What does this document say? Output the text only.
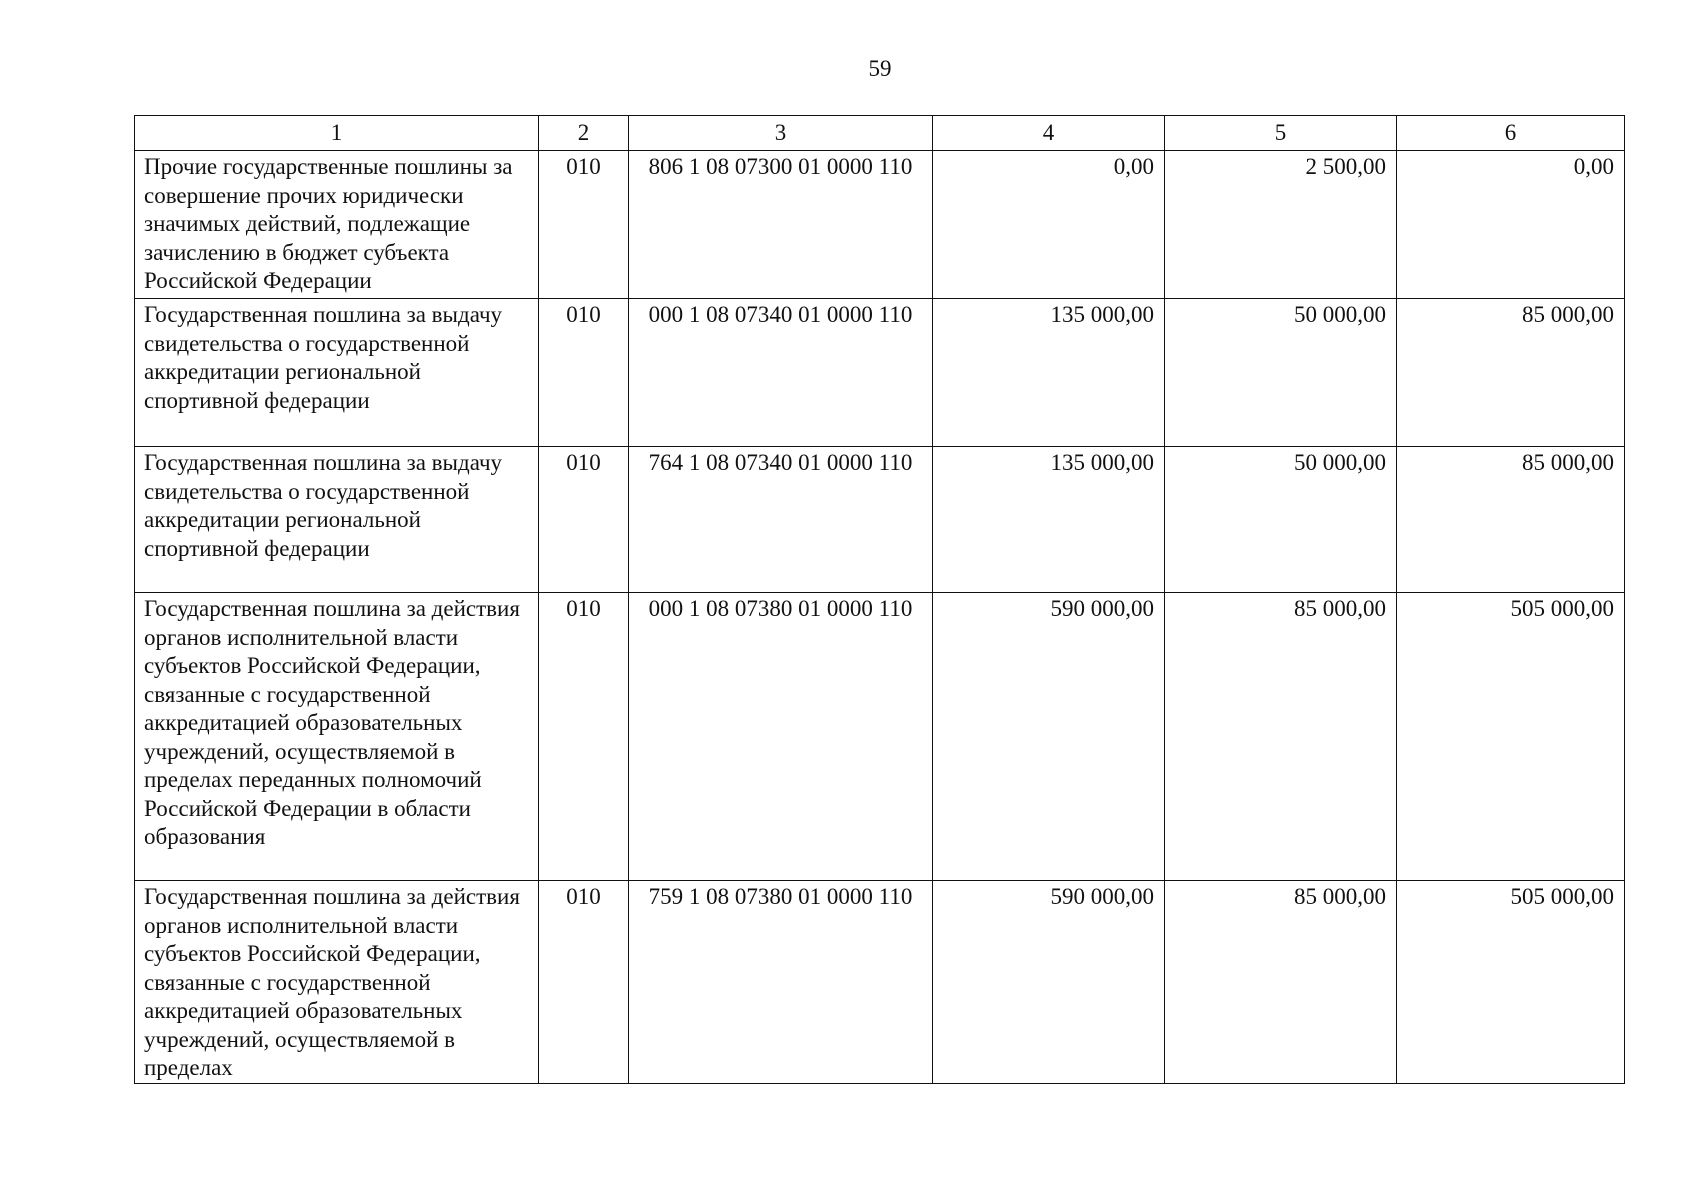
59
1	2	3	4	5	6
Прочие государственные пошлины за совершение прочих юридически значимых действий, подлежащие зачислению в бюджет субъекта Российской Федерации	010	806 1 08 07300 01 0000 110	0,00	2 500,00	0,00
Государственная пошлина за выдачу свидетельства о государственной аккредитации региональной спортивной федерации	010	000 1 08 07340 01 0000 110	135 000,00	50 000,00	85 000,00
Государственная пошлина за выдачу свидетельства о государственной аккредитации региональной спортивной федерации	010	764 1 08 07340 01 0000 110	135 000,00	50 000,00	85 000,00
Государственная пошлина за действия органов исполнительной власти субъектов Российской Федерации, связанные с государственной аккредитацией образовательных учреждений, осуществляемой в пределах переданных полномочий Российской Федерации в области образования	010	000 1 08 07380 01 0000 110	590 000,00	85 000,00	505 000,00
Государственная пошлина за действия органов исполнительной власти субъектов Российской Федерации, связанные с государственной аккредитацией образовательных учреждений, осуществляемой в пределах	010	759 1 08 07380 01 0000 110	590 000,00	85 000,00	505 000,00
